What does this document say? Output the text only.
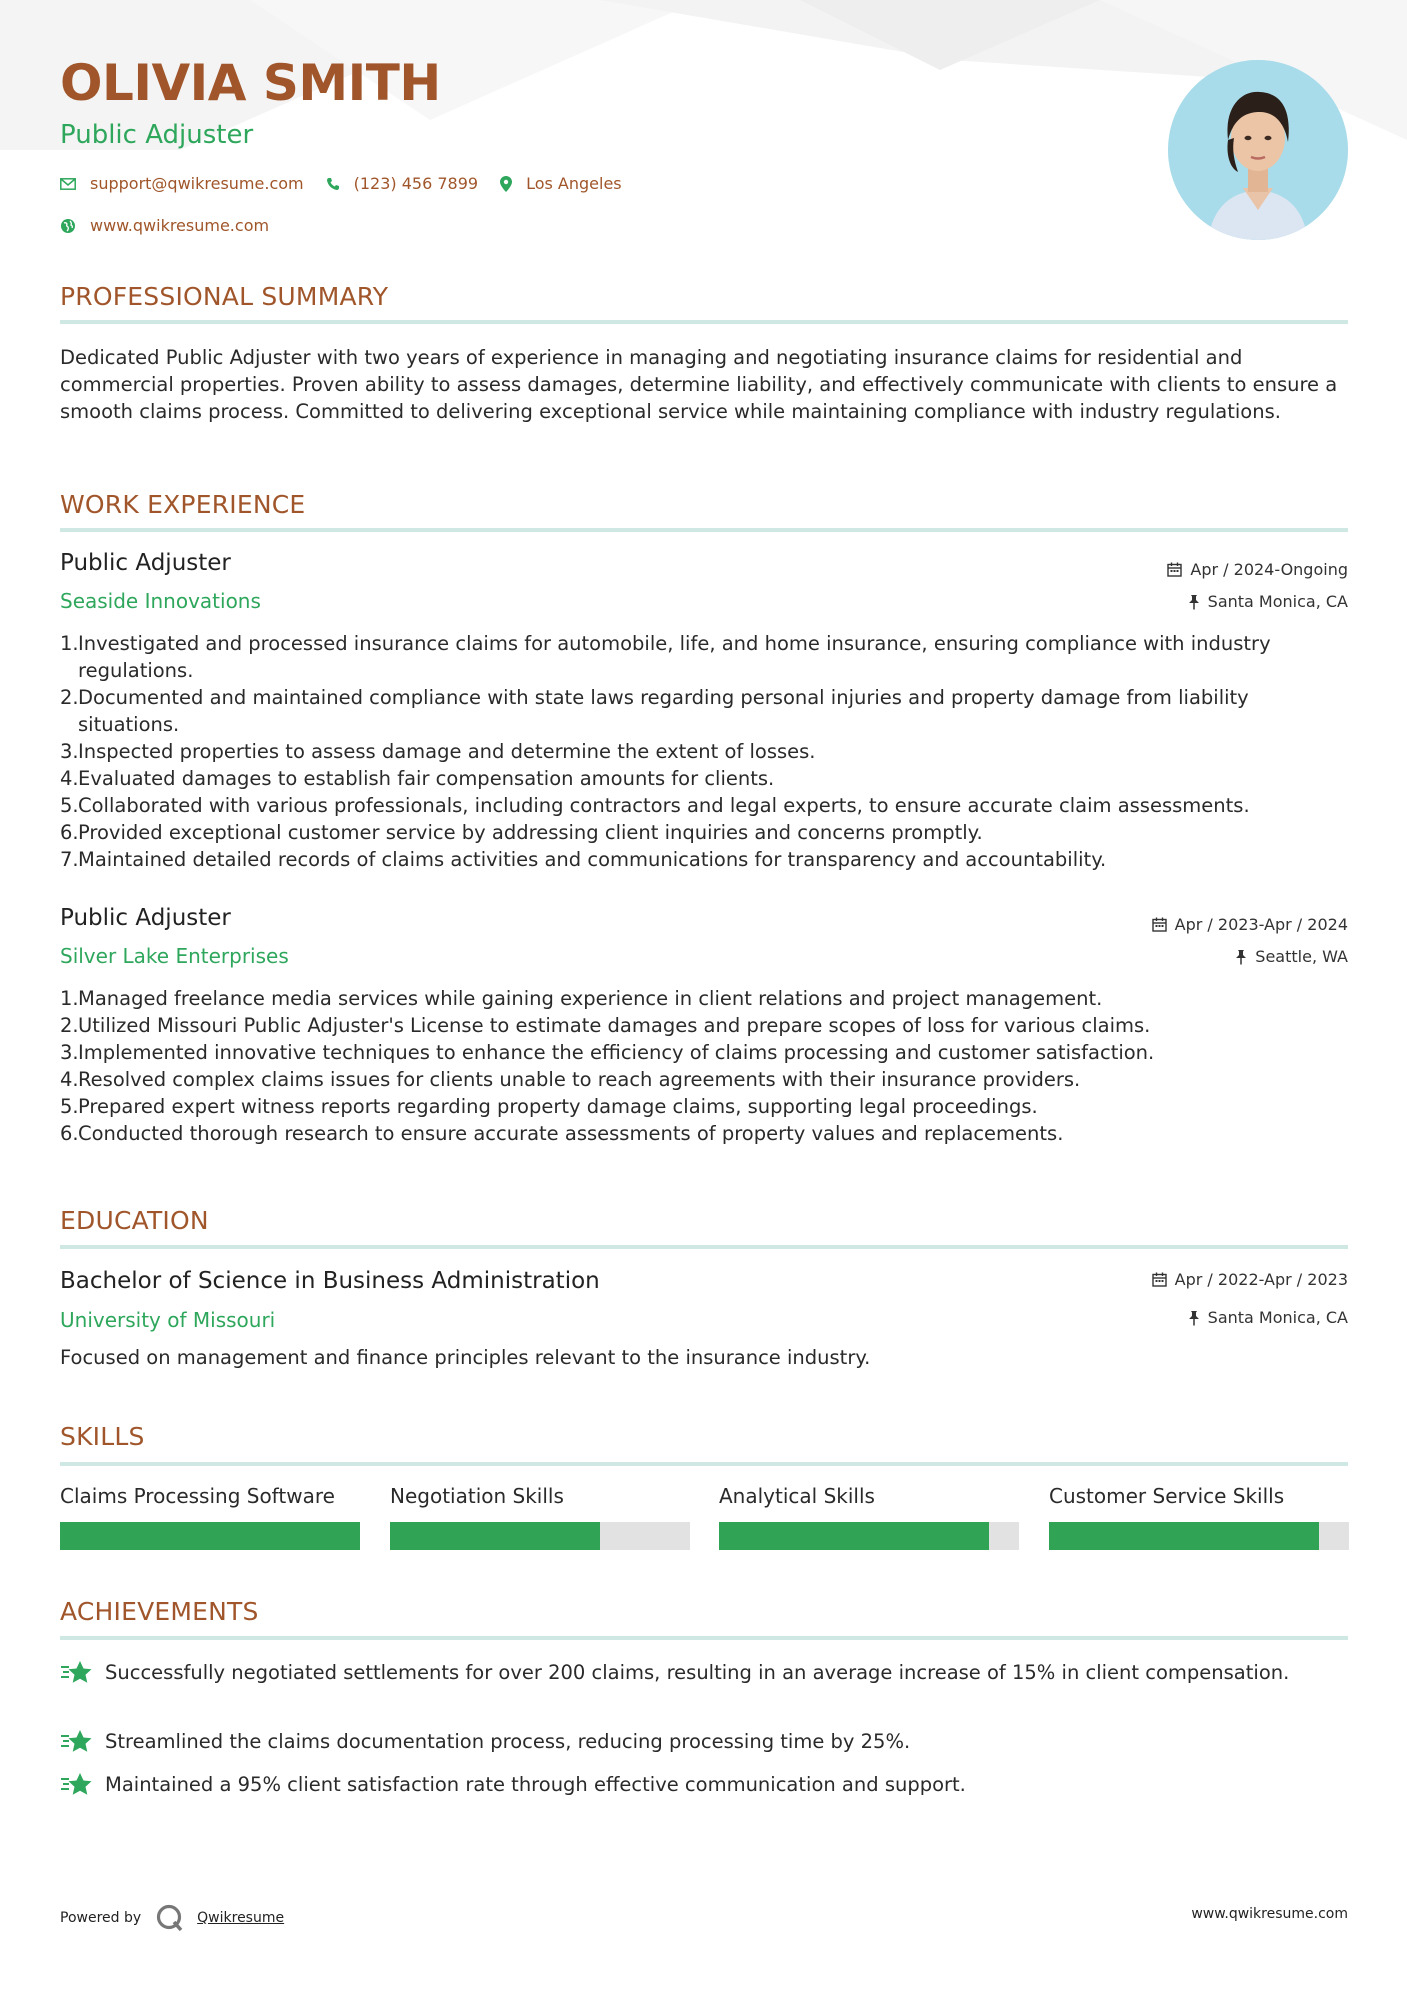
OLIVIA SMITH
Public Adjuster
support@qwikresume.com	(123) 456 7899	Los Angeles
www.qwikresume.com
PROFESSIONAL SUMMARY
Dedicated Public Adjuster with two years of experience in managing and negotiating insurance claims for residential and commercial properties. Proven ability to assess damages, determine liability, and effectively communicate with clients to ensure a smooth claims process. Committed to delivering exceptional service while maintaining compliance with industry regulations.
WORK EXPERIENCE
Public Adjuster	Apr / 2024-Ongoing
Seaside Innovations	Santa Monica, CA
1. Investigated and processed insurance claims for automobile, life, and home insurance, ensuring compliance with industry regulations.
2. Documented and maintained compliance with state laws regarding personal injuries and property damage from liability situations.
3. Inspected properties to assess damage and determine the extent of losses.
4. Evaluated damages to establish fair compensation amounts for clients.
5. Collaborated with various professionals, including contractors and legal experts, to ensure accurate claim assessments.
6. Provided exceptional customer service by addressing client inquiries and concerns promptly.
7. Maintained detailed records of claims activities and communications for transparency and accountability.
Public Adjuster	Apr / 2023-Apr / 2024
Silver Lake Enterprises	Seattle, WA
1. Managed freelance media services while gaining experience in client relations and project management.
2. Utilized Missouri Public Adjuster's License to estimate damages and prepare scopes of loss for various claims.
3. Implemented innovative techniques to enhance the efficiency of claims processing and customer satisfaction.
4. Resolved complex claims issues for clients unable to reach agreements with their insurance providers.
5. Prepared expert witness reports regarding property damage claims, supporting legal proceedings.
6. Conducted thorough research to ensure accurate assessments of property values and replacements.
EDUCATION
Bachelor of Science in Business Administration	Apr / 2022-Apr / 2023
University of Missouri	Santa Monica, CA
Focused on management and finance principles relevant to the insurance industry.
SKILLS
Claims Processing Software	Negotiation Skills	Analytical Skills	Customer Service Skills
ACHIEVEMENTS
Successfully negotiated settlements for over 200 claims, resulting in an average increase of 15% in client compensation.
Streamlined the claims documentation process, reducing processing time by 25%.
Maintained a 95% client satisfaction rate through effective communication and support.
Powered by	Qwikresume	www.qwikresume.com
